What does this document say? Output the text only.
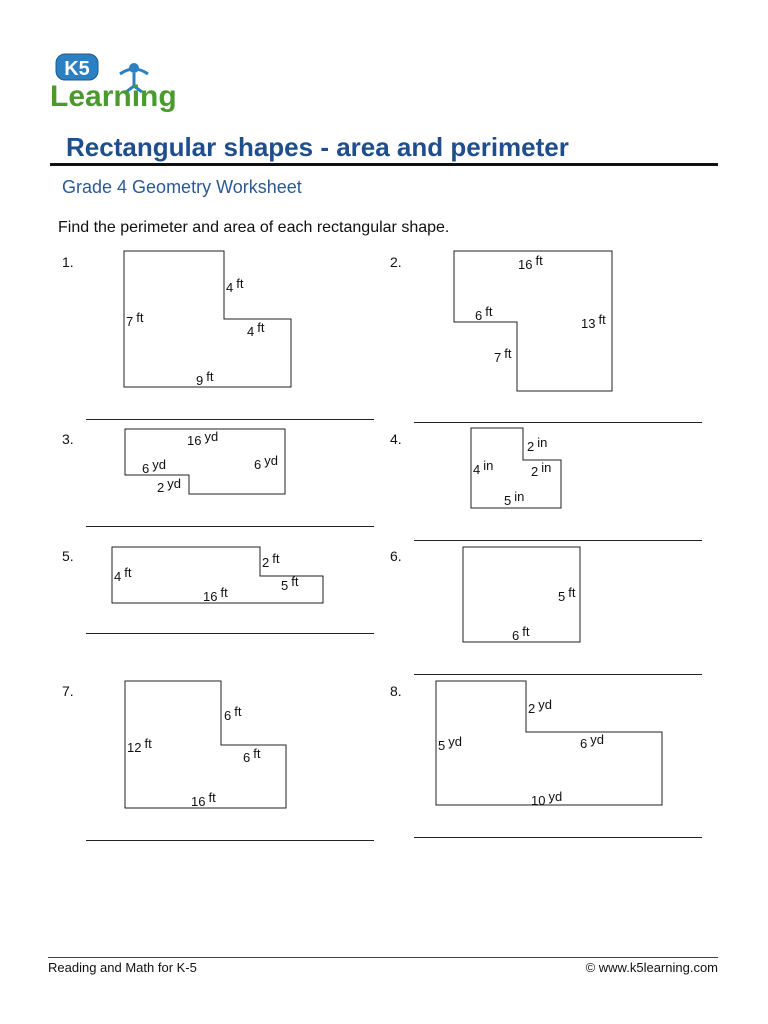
K5
Learning
Rectangular shapes - area and perimeter
Grade 4 Geometry Worksheet
Find the perimeter and area of each rectangular shape.
1.
4 ft
7 ft
4 ft
9 ft
2.	16 ft
6 ft
13 ft
7 ft
3.	16 yd
6 yd	6 yd
2 yd
4.	2 in
4 in	2 in
5 in
5.	2 ft
4 ft
5 ft
16 ft
6.
5 ft
6 ft
7.
6 ft
12 ft
6 ft
16 ft
8.
2 yd
5 yd	6 yd
10 yd
Reading and Math for K-5	© www.k5learning.com
